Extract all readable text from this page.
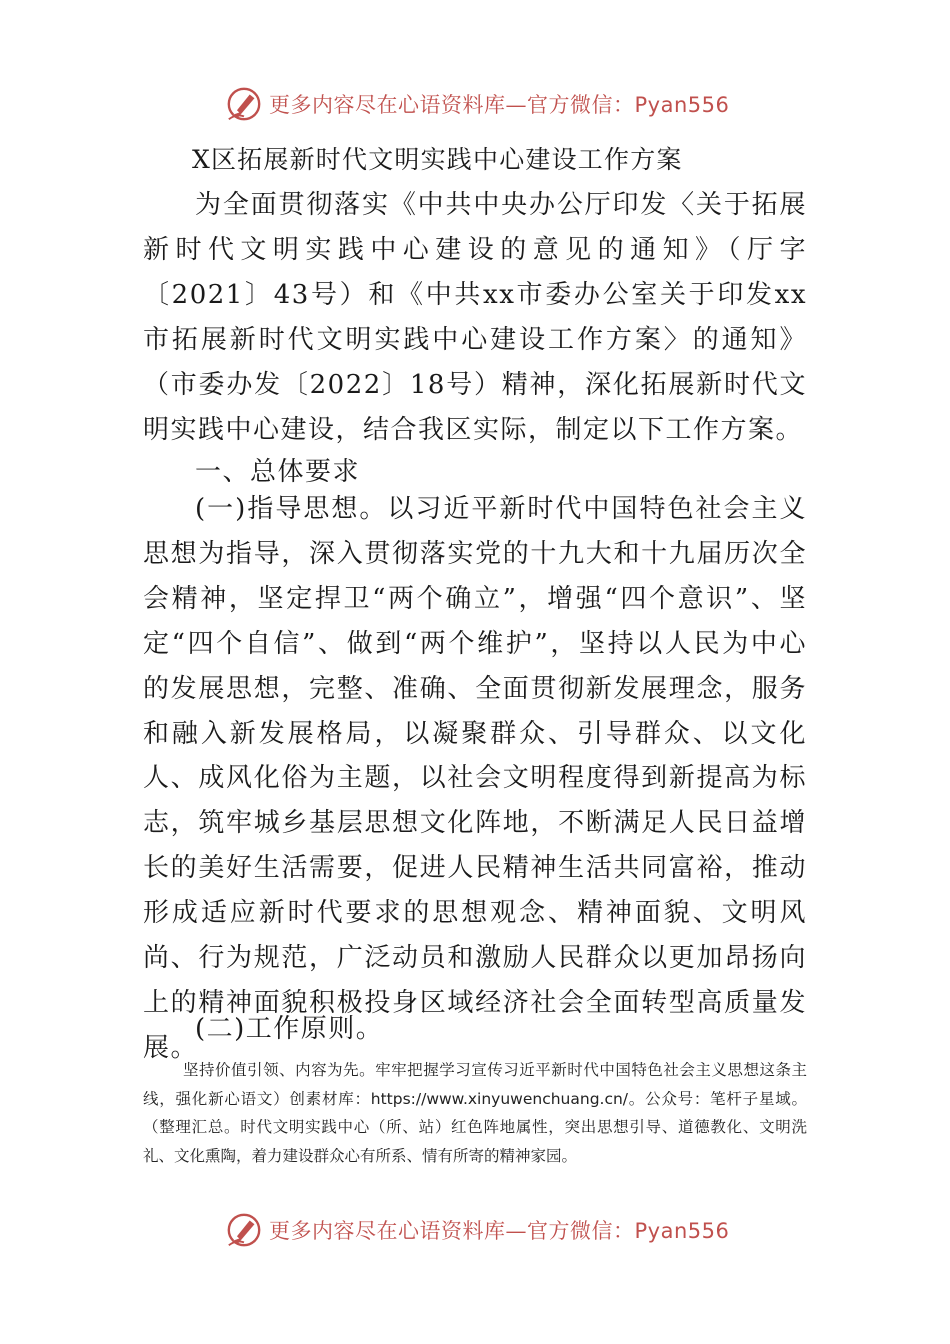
更多内容尽在心语资料库—官方微信：Pyan556
X区拓展新时代文明实践中心建设工作方案
为全面贯彻落实《中共中央办公厅印发〈关于拓展新时代文明实践中心建设的意见的通知》（厅字〔2021〕43号）和《中共xx市委办公室关于印发xx市拓展新时代文明实践中心建设工作方案〉的通知》（市委办发〔2022〕18号）精神，深化拓展新时代文明实践中心建设，结合我区实际，制定以下工作方案。
一、总体要求
(一)指导思想。以习近平新时代中国特色社会主义思想为指导，深入贯彻落实党的十九大和十九届历次全会精神，坚定捍卫“两个确立”，增强“四个意识”、坚定“四个自信”、做到“两个维护”，坚持以人民为中心的发展思想，完整、准确、全面贯彻新发展理念，服务和融入新发展格局，以凝聚群众、引导群众、以文化人、成风化俗为主题，以社会文明程度得到新提高为标志，筑牢城乡基层思想文化阵地，不断满足人民日益增长的美好生活需要，促进人民精神生活共同富裕，推动形成适应新时代要求的思想观念、精神面貌、文明风尚、行为规范，广泛动员和激励人民群众以更加昂扬向上的精神面貌积极投身区域经济社会全面转型高质量发展。
(二)工作原则。
坚持价值引领、内容为先。牢牢把握学习宣传习近平新时代中国特色社会主义思想这条主线，强化新心语文）创素材库：https://www.xinyuwenchuang.cn/。公众号：笔杆子星域。（整理汇总。时代文明实践中心（所、站）红色阵地属性，突出思想引导、道德教化、文明洗礼、文化熏陶，着力建设群众心有所系、情有所寄的精神家园。
更多内容尽在心语资料库—官方微信：Pyan556
